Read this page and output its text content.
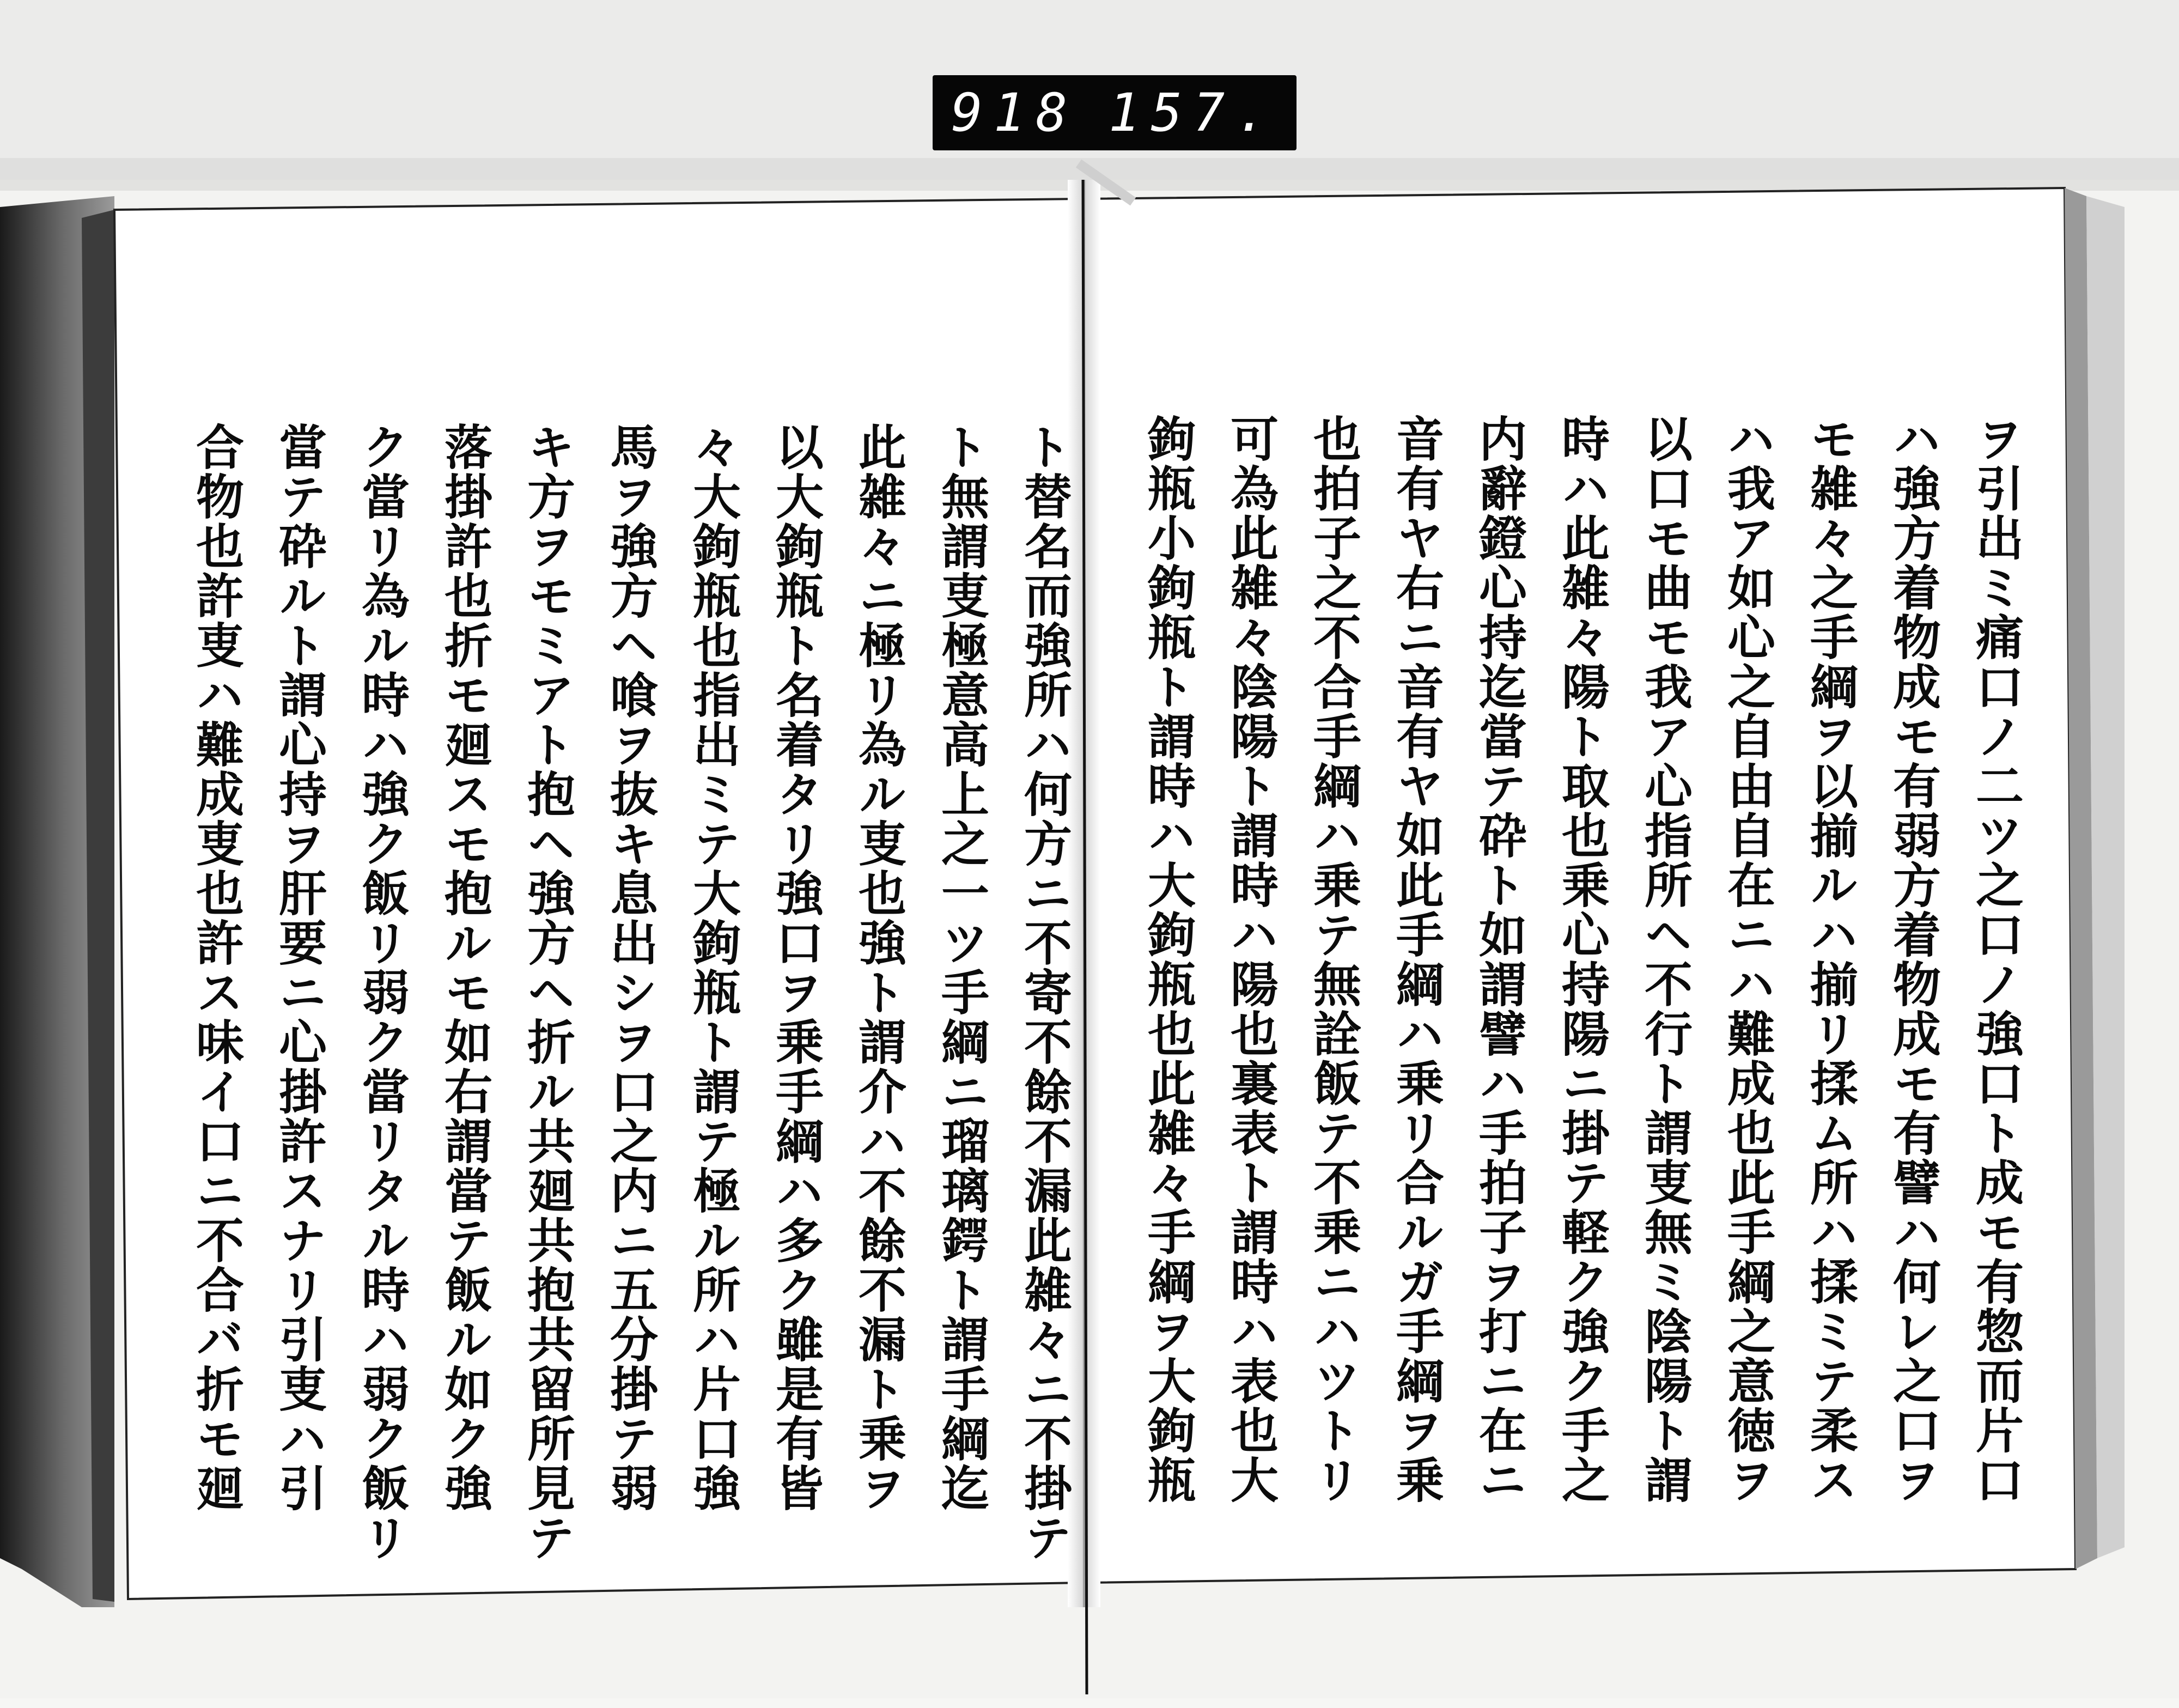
918 157.
ヲ引出ミ痛口ノ二ツ之口ノ強口ト成モ有惣而片口
ハ強方着物成モ有弱方着物成モ有譬ハ何レ之口ヲ
モ雑々之手綱ヲ以揃ルハ揃リ揉ム所ハ揉ミテ柔ス
ハ我ア如心之自由自在ニハ難成也此手綱之意徳ヲ
以口モ曲モ我ア心指所ヘ不行ト謂叓無ミ陰陽ト謂
時ハ此雑々陽ト取也乗心持陽ニ掛テ軽ク強ク手之
内辭鐙心持迄當テ砕ト如謂譬ハ手拍子ヲ打ニ在ニ
音有ヤ右ニ音有ヤ如此手綱ハ乗リ合ルガ手綱ヲ乗
也拍子之不合手綱ハ乗テ無詮飯テ不乗ニハツトリ
可為此雑々陰陽ト謂時ハ陽也裏表ト謂時ハ表也大
鉤瓶小鉤瓶ト謂時ハ大鉤瓶也此雑々手綱ヲ大鉤瓶
ト替名而強所ハ何方ニ不寄不餘不漏此雑々ニ不掛テ
ト無謂叓極意高上之一ツ手綱ニ瑠璃鍔ト謂手綱迄
此雑々ニ極リ為ル叓也強ト謂介ハ不餘不漏ト乗ヲ
以大鉤瓶ト名着タリ強口ヲ乗手綱ハ多ク雖是有皆
々大鉤瓶也指出ミテ大鉤瓶ト謂テ極ル所ハ片口強
馬ヲ強方ヘ喰ヲ抜キ息出シヲ口之内ニ五分掛テ弱
キ方ヲモミアト抱ヘ強方ヘ折ル共廻共抱共留所見テ
落掛許也折モ廻スモ抱ルモ如右謂當テ飯ル如ク強
ク當リ為ル時ハ強ク飯リ弱ク當リタル時ハ弱ク飯リ
當テ砕ルト謂心持ヲ肝要ニ心掛許スナリ引叓ハ引
合物也許叓ハ難成叓也許ス味イ口ニ不合バ折モ廻
